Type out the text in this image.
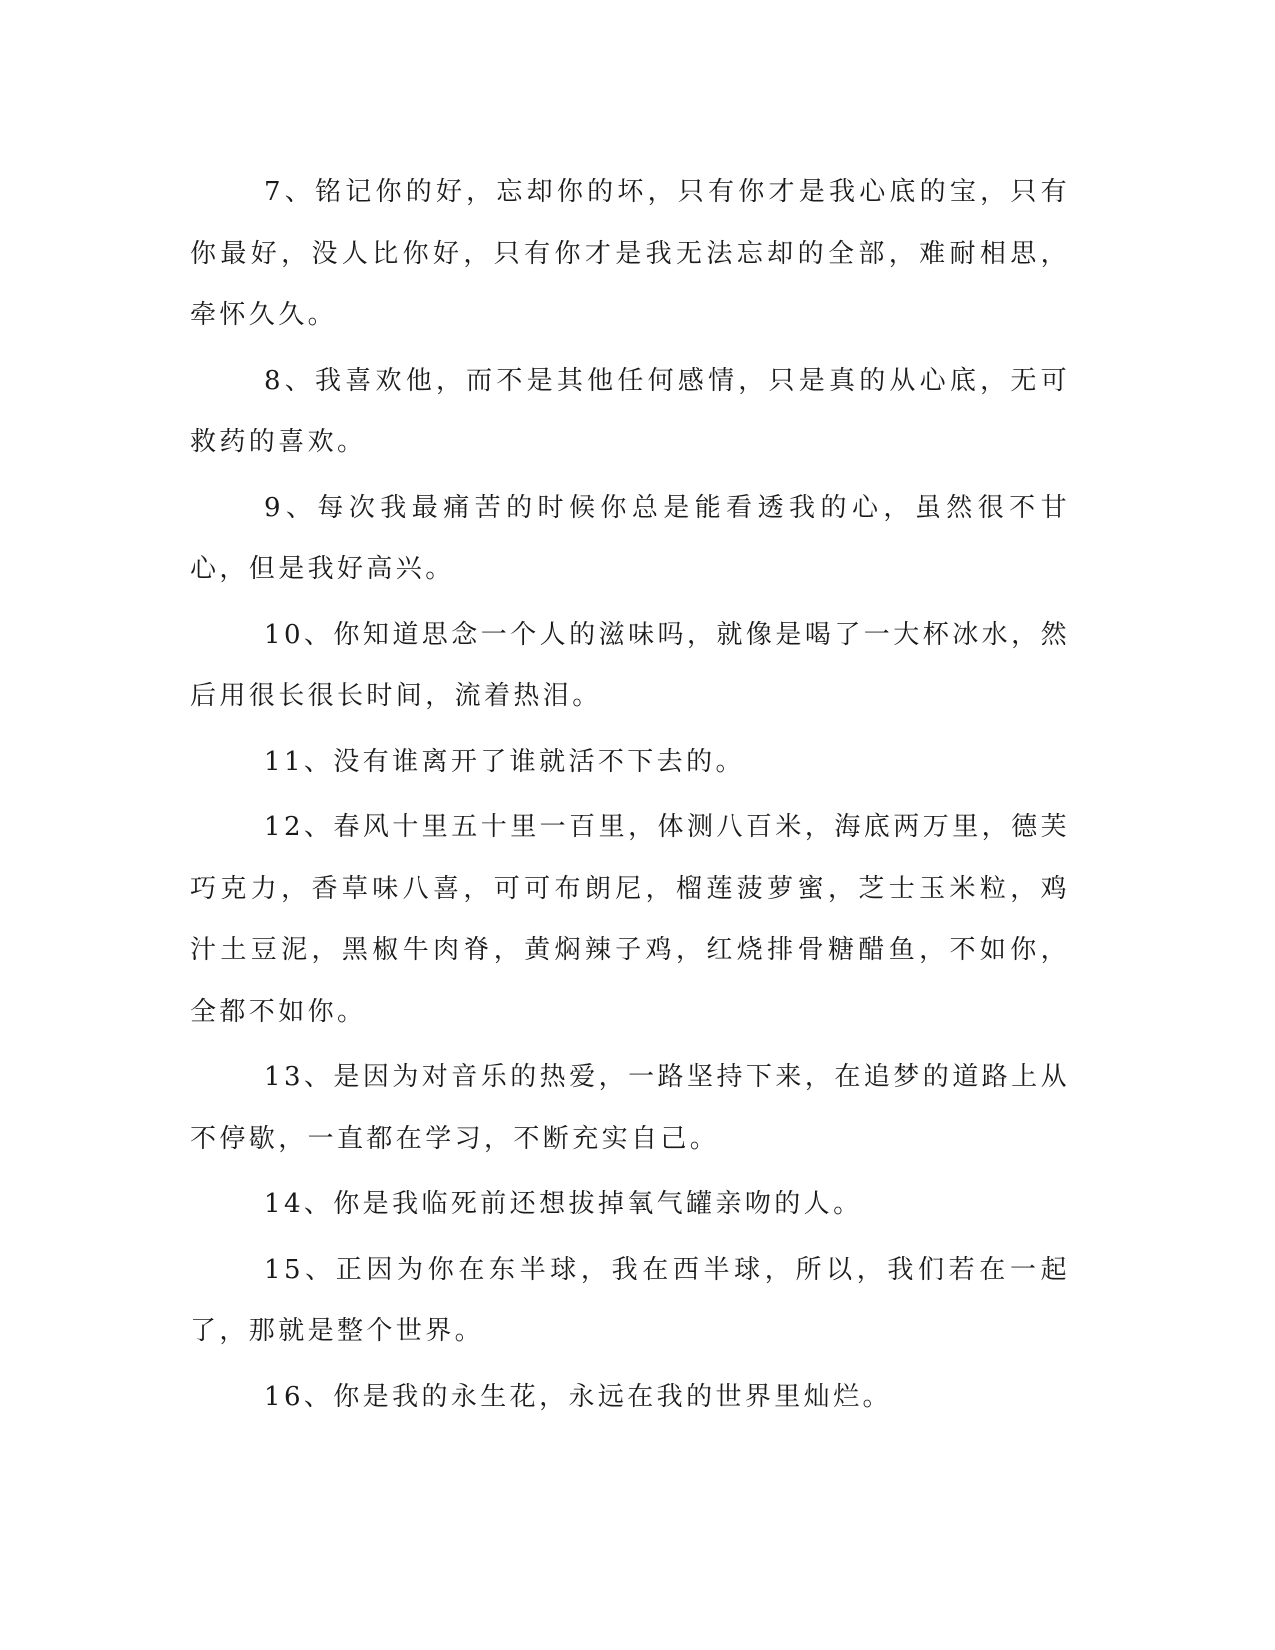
7、铭记你的好，忘却你的坏，只有你才是我心底的宝，只有你最好，没人比你好，只有你才是我无法忘却的全部，难耐相思，牵怀久久。

8、我喜欢他，而不是其他任何感情，只是真的从心底，无可救药的喜欢。

9、每次我最痛苦的时候你总是能看透我的心，虽然很不甘心，但是我好高兴。

10、你知道思念一个人的滋味吗，就像是喝了一大杯冰水，然后用很长很长时间，流着热泪。

11、没有谁离开了谁就活不下去的。

12、春风十里五十里一百里，体测八百米，海底两万里，德芙巧克力，香草味八喜，可可布朗尼，榴莲菠萝蜜，芝士玉米粒，鸡汁土豆泥，黑椒牛肉脊，黄焖辣子鸡，红烧排骨糖醋鱼，不如你，全都不如你。

13、是因为对音乐的热爱，一路坚持下来，在追梦的道路上从不停歇，一直都在学习，不断充实自己。

14、你是我临死前还想拔掉氧气罐亲吻的人。

15、正因为你在东半球，我在西半球，所以，我们若在一起了，那就是整个世界。

16、你是我的永生花，永远在我的世界里灿烂。
